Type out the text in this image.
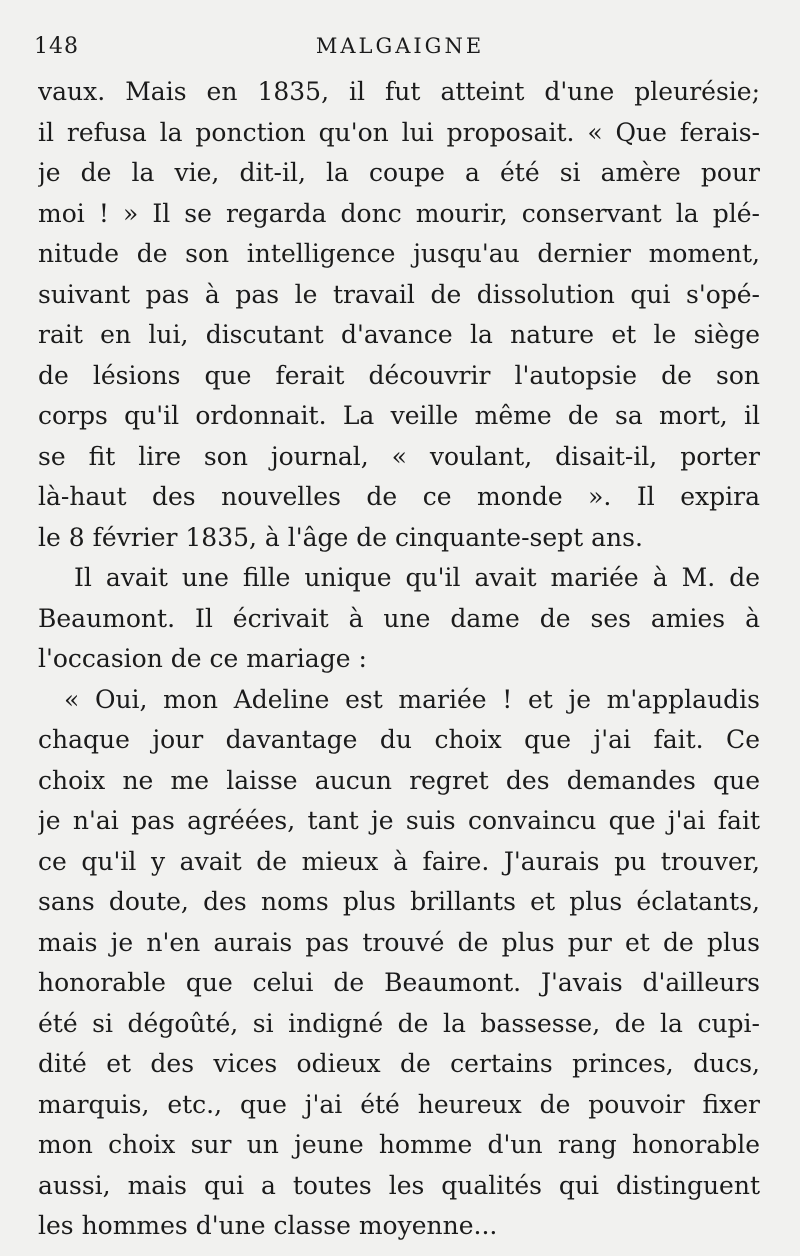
148	MALGAIGNE
vaux. Mais en 1835, il fut atteint d'une pleurésie;
il refusa la ponction qu'on lui proposait. « Que ferais-
je de la vie, dit-il, la coupe a été si amère pour
moi ! » Il se regarda donc mourir, conservant la plé-
nitude de son intelligence jusqu'au dernier moment,
suivant pas à pas le travail de dissolution qui s'opé-
rait en lui, discutant d'avance la nature et le siège
de lésions que ferait découvrir l'autopsie de son
corps qu'il ordonnait. La veille même de sa mort, il
se fit lire son journal, « voulant, disait-il, porter
là-haut des nouvelles de ce monde ». Il expira
le 8 février 1835, à l'âge de cinquante-sept ans.
Il avait une fille unique qu'il avait mariée à M. de
Beaumont. Il écrivait à une dame de ses amies à
l'occasion de ce mariage :
« Oui, mon Adeline est mariée ! et je m'applaudis
chaque jour davantage du choix que j'ai fait. Ce
choix ne me laisse aucun regret des demandes que
je n'ai pas agréées, tant je suis convaincu que j'ai fait
ce qu'il y avait de mieux à faire. J'aurais pu trouver,
sans doute, des noms plus brillants et plus éclatants,
mais je n'en aurais pas trouvé de plus pur et de plus
honorable que celui de Beaumont. J'avais d'ailleurs
été si dégoûté, si indigné de la bassesse, de la cupi-
dité et des vices odieux de certains princes, ducs,
marquis, etc., que j'ai été heureux de pouvoir fixer
mon choix sur un jeune homme d'un rang honorable
aussi, mais qui a toutes les qualités qui distinguent
les hommes d'une classe moyenne...
